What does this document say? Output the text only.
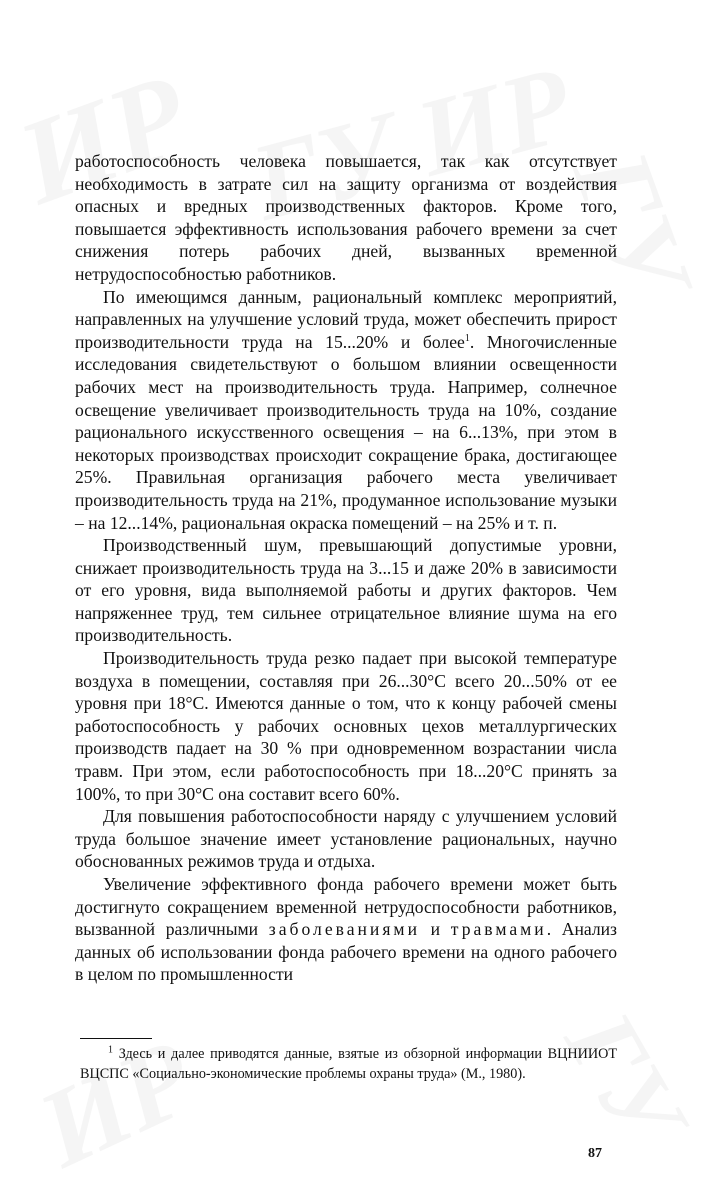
работоспособность человека повышается, так как отсутствует необходимость в затрате сил на защиту организма от воздействия опасных и вредных производственных факторов. Кроме того, повышается эффективность использования рабочего времени за счет снижения потерь рабочих дней, вызванных временной нетрудоспособностью работников.

По имеющимся данным, рациональный комплекс мероприятий, направленных на улучшение условий труда, может обеспечить прирост производительности труда на 15...20% и более$^1$. Многочисленные исследования свидетельствуют о большом влиянии освещенности рабочих мест на производительность труда. Например, солнечное освещение увеличивает производительность труда на 10%, создание рационального искусственного освещения – на 6...13%, при этом в некоторых производствах происходит сокращение брака, достигающее 25%. Правильная организация рабочего места увеличивает производительность труда на 21%, продуманное использование музыки – на 12...14%, рациональная окраска помещений – на 25% и т. п.

Производственный шум, превышающий допустимые уровни, снижает производительность труда на 3...15 и даже 20% в зависимости от его уровня, вида выполняемой работы и других факторов. Чем напряженнее труд, тем сильнее отрицательное влияние шума на его производительность.

Производительность труда резко падает при высокой температуре воздуха в помещении, составляя при 26...30°С всего 20...50% от ее уровня при 18°С. Имеются данные о том, что к концу рабочей смены работоспособность у рабочих основных цехов металлургических производств падает на 30 % при одновременном возрастании числа травм. При этом, если работоспособность при 18...20°С принять за 100%, то при 30°С она составит всего 60%.

Для повышения работоспособности наряду с улучшением условий труда большое значение имеет установление рациональных, научно обоснованных режимов труда и отдыха.

Увеличение эффективного фонда рабочего времени может быть достигнуто сокращением временной нетрудоспособности работников, вызванной различными заболеваниями и травмами. Анализ данных об использовании фонда рабочего времени на одного рабочего в целом по промышленности

$^1$ Здесь и далее приводятся данные, взятые из обзорной информации ВЦНИИОТ ВЦСПС «Социально-экономические проблемы охраны труда» (М., 1980).

87
